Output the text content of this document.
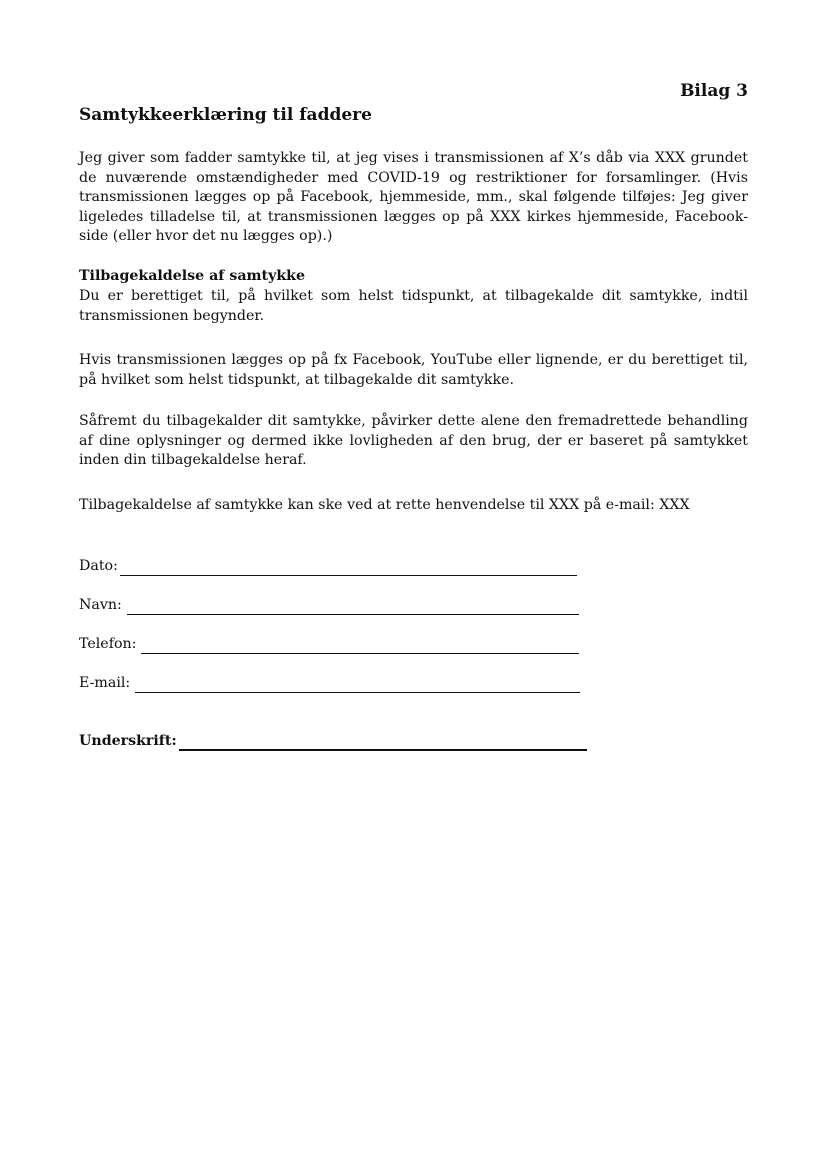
Bilag 3
Samtykkeerklæring til faddere

Jeg giver som fadder samtykke til, at jeg vises i transmissionen af X’s dåb via XXX grundet de nuværende omstændigheder med COVID-19 og restriktioner for forsamlinger. (Hvis transmissionen lægges op på Facebook, hjemmeside, mm., skal følgende tilføjes: Jeg giver ligeledes tilladelse til, at transmissionen lægges op på XXX kirkes hjemmeside, Facebook-side (eller hvor det nu lægges op).)

Tilbagekaldelse af samtykke

Du er berettiget til, på hvilket som helst tidspunkt, at tilbagekalde dit samtykke, indtil transmissionen begynder.

Hvis transmissionen lægges op på fx Facebook, YouTube eller lignende, er du berettiget til, på hvilket som helst tidspunkt, at tilbagekalde dit samtykke.

Såfremt du tilbagekalder dit samtykke, påvirker dette alene den fremadrettede behandling af dine oplysninger og dermed ikke lovligheden af den brug, der er baseret på samtykket inden din tilbagekaldelse heraf.

Tilbagekaldelse af samtykke kan ske ved at rette henvendelse til XXX på e-mail: XXX

Dato:
Navn:
Telefon:
E-mail:
Underskrift:
